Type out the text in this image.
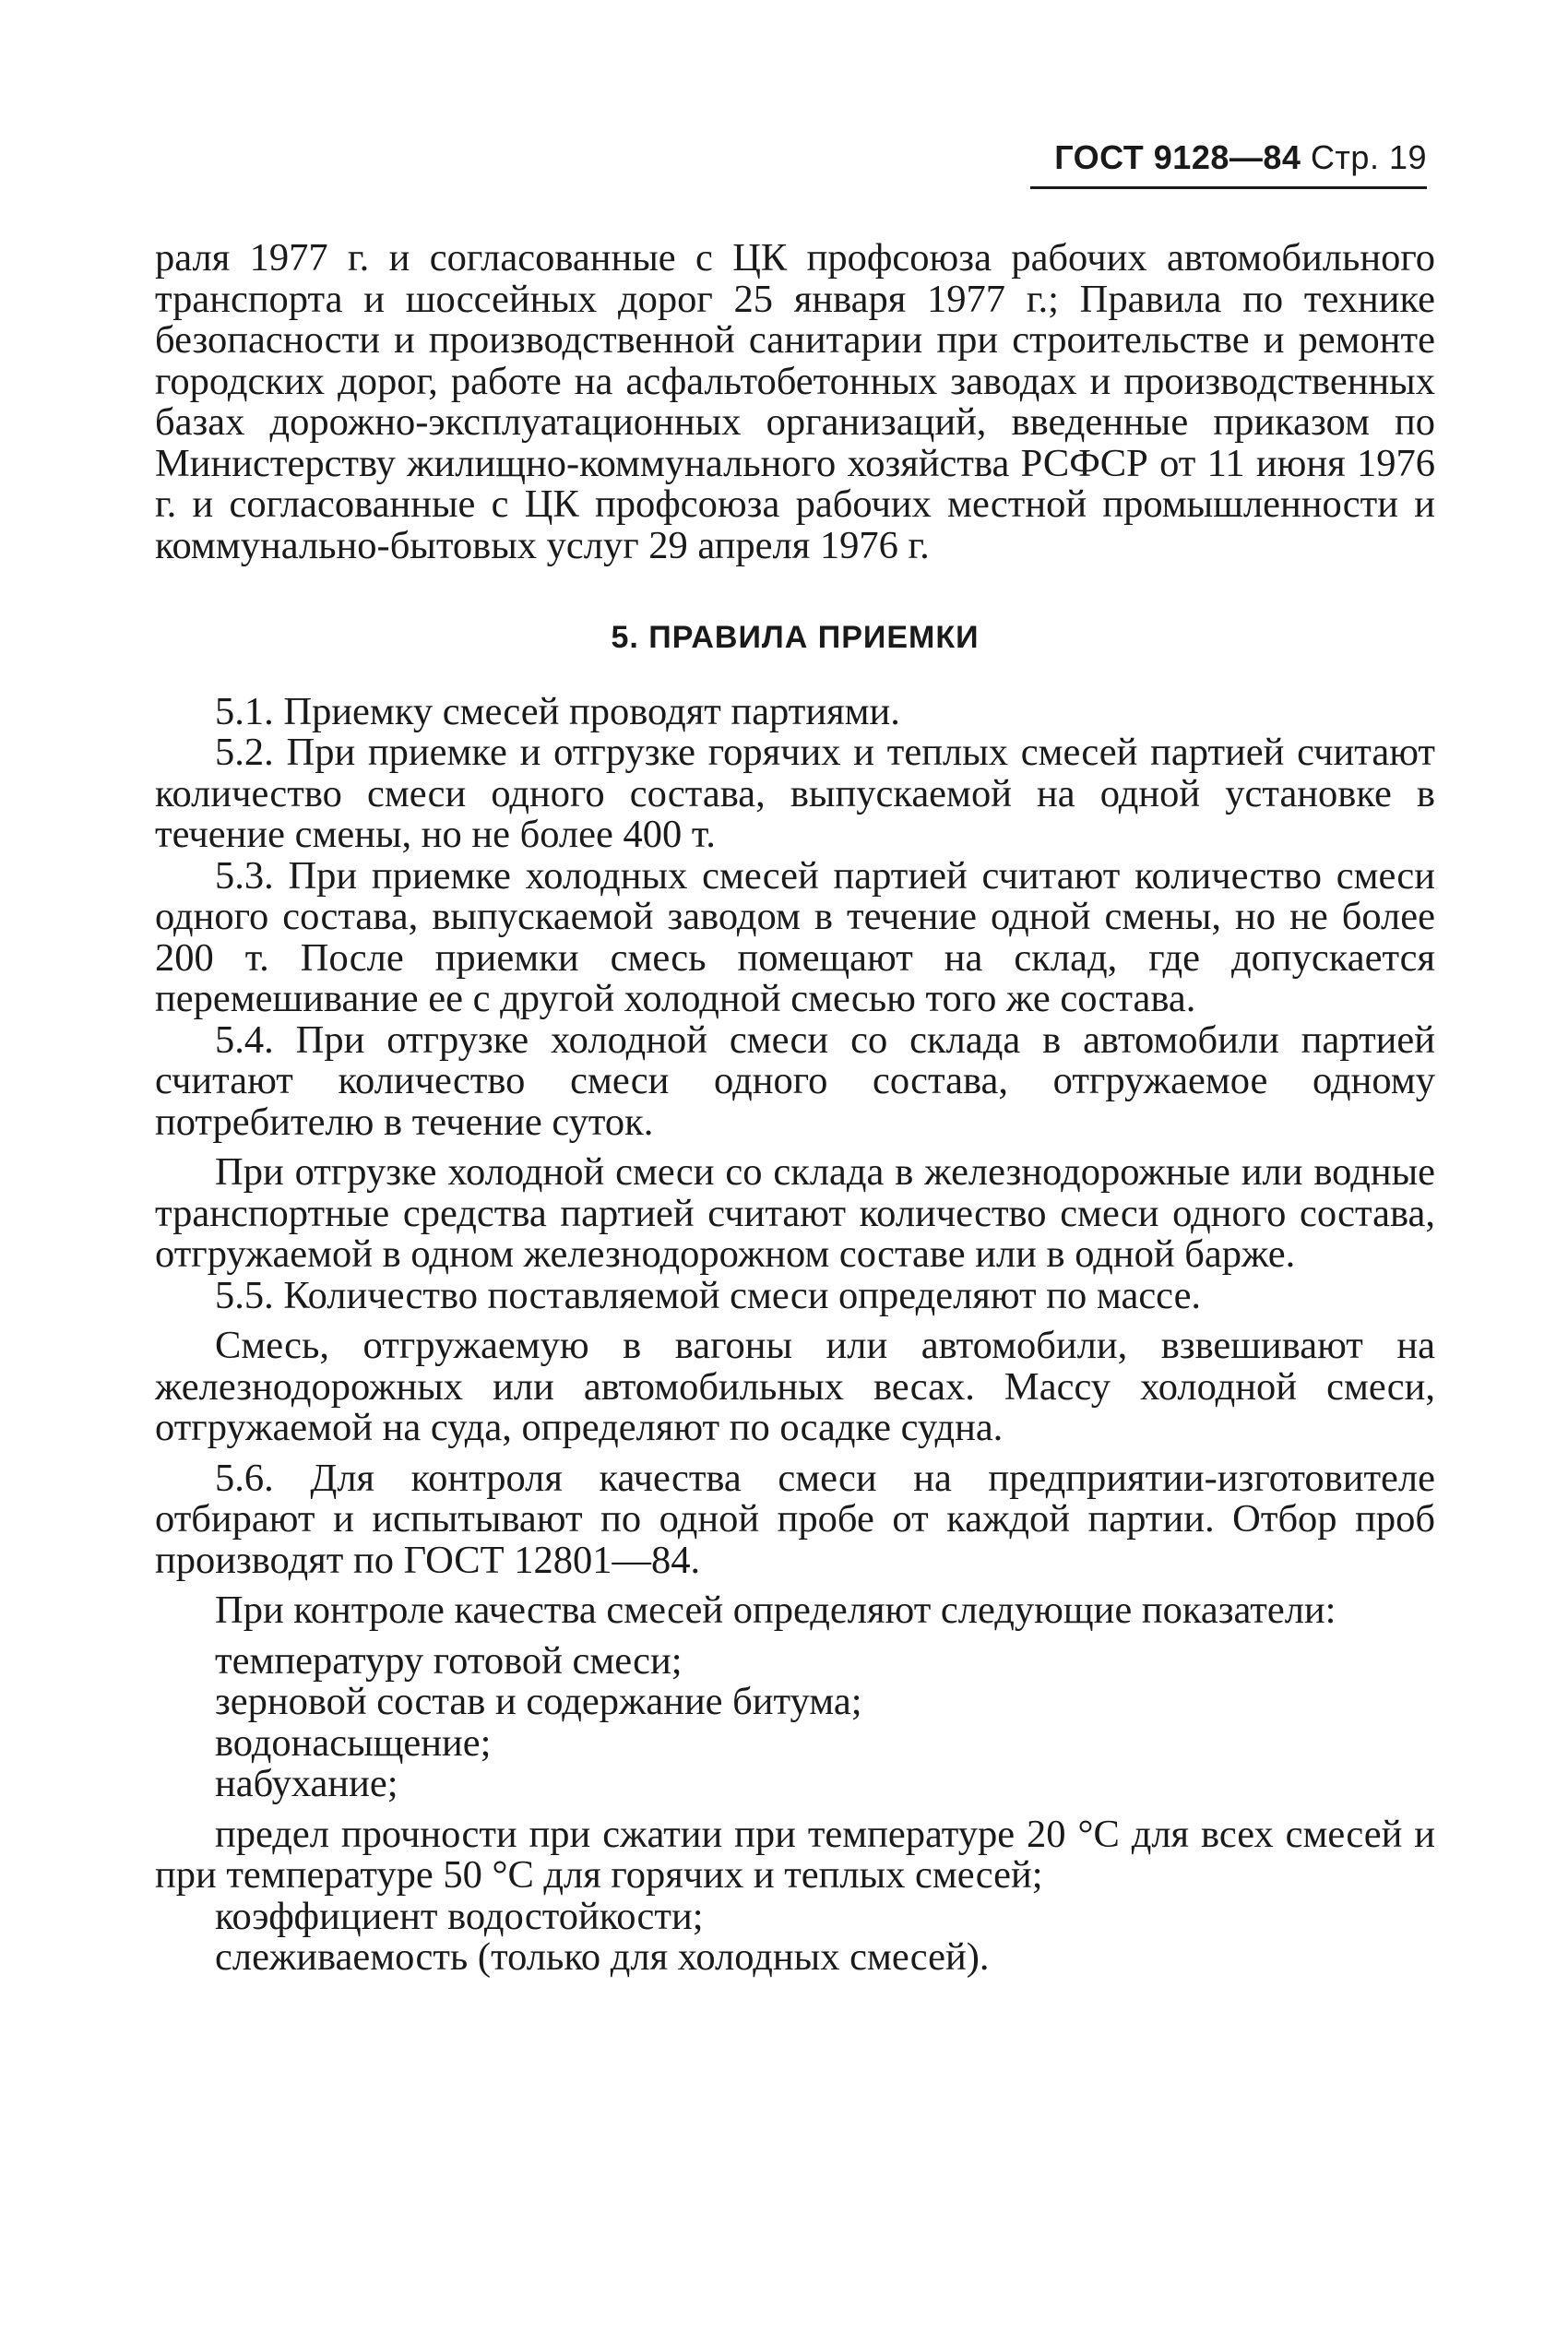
ГОСТ 9128—84 Стр. 19

раля 1977 г. и согласованные с ЦК профсоюза рабочих автомобильного транспорта и шоссейных дорог 25 января 1977 г.; Правила по технике безопасности и производственной санитарии при строительстве и ремонте городских дорог, работе на асфальтобетонных заводах и производственных базах дорожно-эксплуатационных организаций, введенные приказом по Министерству жилищно-коммунального хозяйства РСФСР от 11 июня 1976 г. и согласованные с ЦК профсоюза рабочих местной промышленности и коммунально-бытовых услуг 29 апреля 1976 г.

5. ПРАВИЛА ПРИЕМКИ

5.1. Приемку смесей проводят партиями.

5.2. При приемке и отгрузке горячих и теплых смесей партией считают количество смеси одного состава, выпускаемой на одной установке в течение смены, но не более 400 т.

5.3. При приемке холодных смесей партией считают количество смеси одного состава, выпускаемой заводом в течение одной смены, но не более 200 т. После приемки смесь помещают на склад, где допускается перемешивание ее с другой холодной смесью того же состава.

5.4. При отгрузке холодной смеси со склада в автомобили партией считают количество смеси одного состава, отгружаемое одному потребителю в течение суток.

При отгрузке холодной смеси со склада в железнодорожные или водные транспортные средства партией считают количество смеси одного состава, отгружаемой в одном железнодорожном составе или в одной барже.

5.5. Количество поставляемой смеси определяют по массе.

Смесь, отгружаемую в вагоны или автомобили, взвешивают на железнодорожных или автомобильных весах. Массу холодной смеси, отгружаемой на суда, определяют по осадке судна.

5.6. Для контроля качества смеси на предприятии-изготовителе отбирают и испытывают по одной пробе от каждой партии. Отбор проб производят по ГОСТ 12801—84.

При контроле качества смесей определяют следующие показатели:

температуру готовой смеси;

зерновой состав и содержание битума;

водонасыщение;

набухание;

предел прочности при сжатии при температуре 20 °С для всех смесей и при температуре 50 °С для горячих и теплых смесей;

коэффициент водостойкости;

слеживаемость (только для холодных смесей).
